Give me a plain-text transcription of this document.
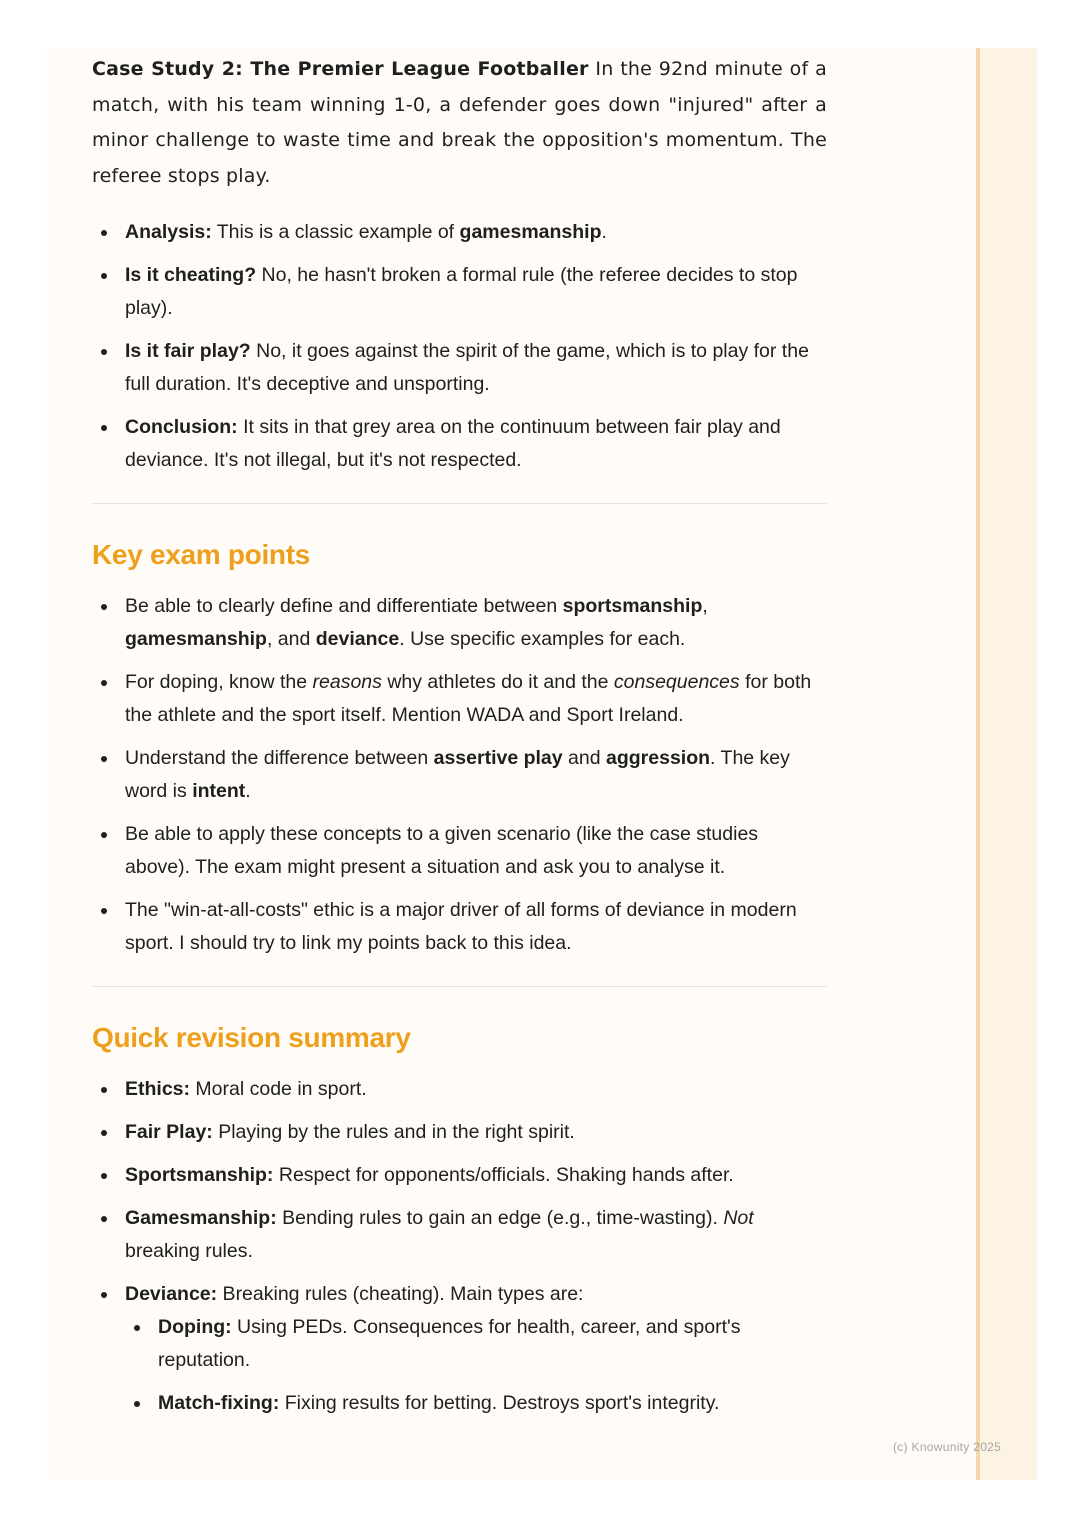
Case Study 2: The Premier League Footballer In the 92nd minute of a match, with his team winning 1-0, a defender goes down "injured" after a minor challenge to waste time and break the opposition's momentum. The referee stops play.

Analysis: This is a classic example of gamesmanship.
Is it cheating? No, he hasn't broken a formal rule (the referee decides to stop play).
Is it fair play? No, it goes against the spirit of the game, which is to play for the full duration. It's deceptive and unsporting.
Conclusion: It sits in that grey area on the continuum between fair play and deviance. It's not illegal, but it's not respected.
Key exam points
Be able to clearly define and differentiate between sportsmanship, gamesmanship, and deviance. Use specific examples for each.
For doping, know the reasons why athletes do it and the consequences for both the athlete and the sport itself. Mention WADA and Sport Ireland.
Understand the difference between assertive play and aggression. The key word is intent.
Be able to apply these concepts to a given scenario (like the case studies above). The exam might present a situation and ask you to analyse it.
The "win-at-all-costs" ethic is a major driver of all forms of deviance in modern sport. I should try to link my points back to this idea.
Quick revision summary
Ethics: Moral code in sport.
Fair Play: Playing by the rules and in the right spirit.
Sportsmanship: Respect for opponents/officials. Shaking hands after.
Gamesmanship: Bending rules to gain an edge (e.g., time-wasting). Not breaking rules.
Deviance: Breaking rules (cheating). Main types are:
Doping: Using PEDs. Consequences for health, career, and sport's reputation.
Match-fixing: Fixing results for betting. Destroys sport's integrity.
(c) Knowunity 2025
